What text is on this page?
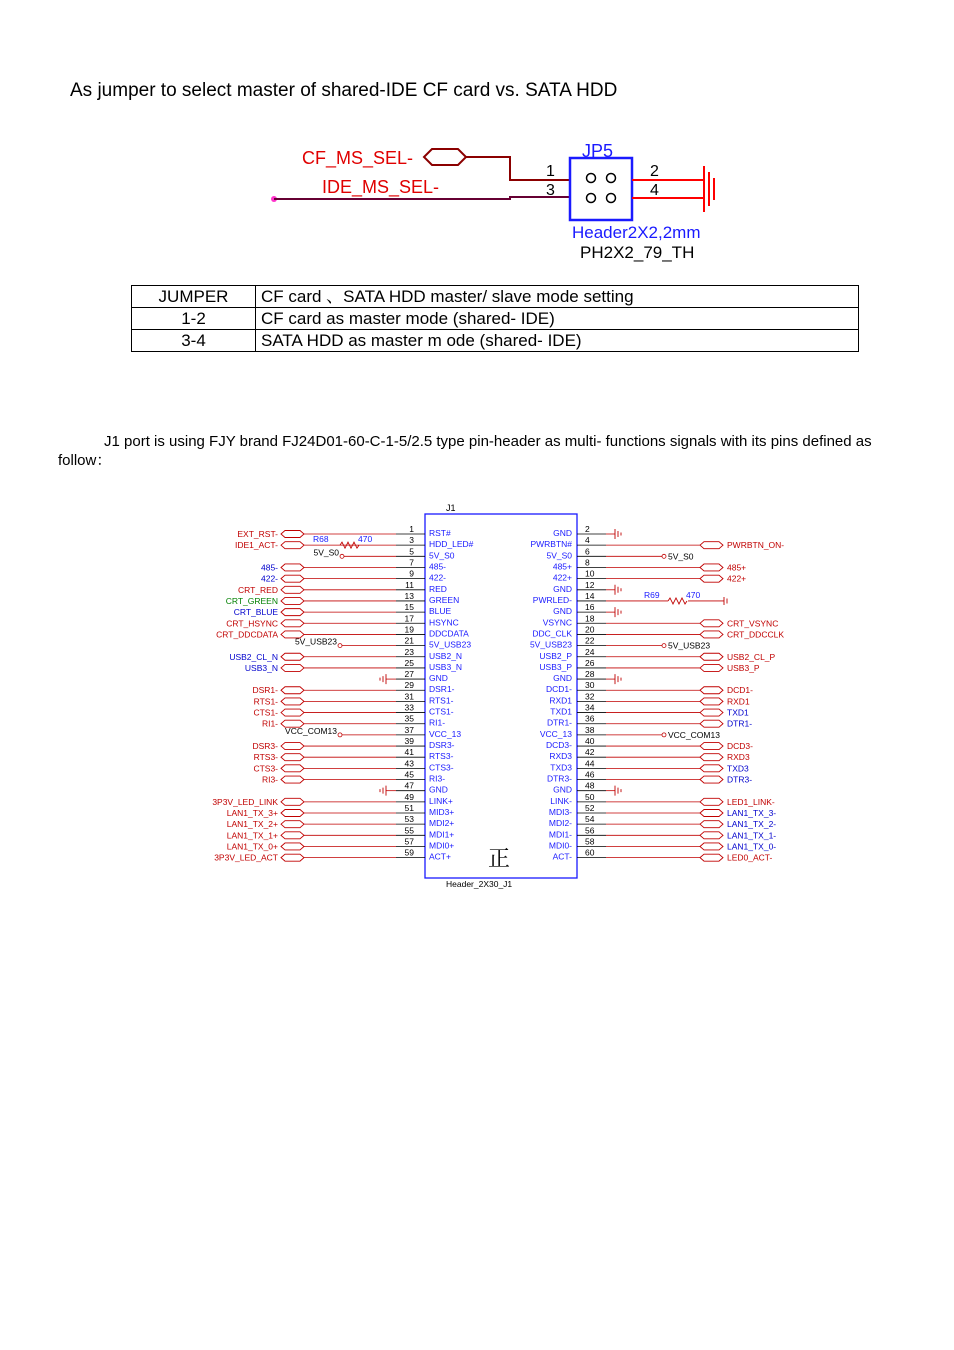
As jumper to select master of shared-IDE CF card vs. SATA HDD
CF_MS_SEL-
IDE_MS_SEL-
JP5
1
3
2
4
Header2X2,2mm
PH2X2_79_TH
JUMPER	CF card 、SATA HDD master/ slave mode setting
1-2	CF card as master mode (shared- IDE)
3-4	SATA HDD as master m ode (shared- IDE)
J1 port is using FJY brand FJ24D01-60-C-1-5/2.5 type pin-header as multi- functions signals with its pins defined as follow：
J1
Header_2X30_J1
正
1 RST#
3 HDD_LED#
5 5V_S0
7 485-
9 422-
11 RED
13 GREEN
15 BLUE
17 HSYNC
19 DDCDATA
21 5V_USB23
23 USB2_N
25 USB3_N
27 GND
29 DSR1-
31 RTS1-
33 CTS1-
35 RI1-
37 VCC_13
39 DSR3-
41 RTS3-
43 CTS3-
45 RI3-
47 GND
49 LINK+
51 MID3+
53 MDI2+
55 MDI1+
57 MDI0+
59 ACT+
2
GND
4
PWRBTN#
6
5V_S0
8
485+
10
422+
12
GND
14
PWRLED-
16
GND
18
VSYNC
20
DDC_CLK
22
5V_USB23
24
USB2_P
26
USB3_P
28
GND
30
DCD1-
32
RXD1
34
TXD1
36
DTR1-
38
VCC_13
40
DCD3-
42
RXD3
44
TXD3
46
DTR3-
48
GND
50
LINK-
52
MDI3-
54
MDI2-
56
MDI1-
58
MDI0-
60
ACT-
EXT_RST-
IDE1_ACT-
485-
422-
CRT_RED
CRT_GREEN
CRT_BLUE
CRT_HSYNC
CRT_DDCDATA
USB2_CL_N
USB3_N
DSR1-
RTS1-
CTS1-
RI1-
DSR3-
RTS3-
CTS3-
RI3-
3P3V_LED_LINK
LAN1_TX_3+
LAN1_TX_2+
LAN1_TX_1+
LAN1_TX_0+
3P3V_LED_ACT
PWRBTN_ON-
485+
422+
CRT_VSYNC
CRT_DDCCLK
USB2_CL_P
USB3_P
DCD1-
RXD1
TXD1
DTR1-
DCD3-
RXD3
TXD3
DTR3-
LED1_LINK-
LAN1_TX_3-
LAN1_TX_2-
LAN1_TX_1-
LAN1_TX_0-
LED0_ACT-
5V_S0
5V_USB23
VCC_COM13
5V_S0
5V_USB23
VCC_COM13
R68	470
R69	470
